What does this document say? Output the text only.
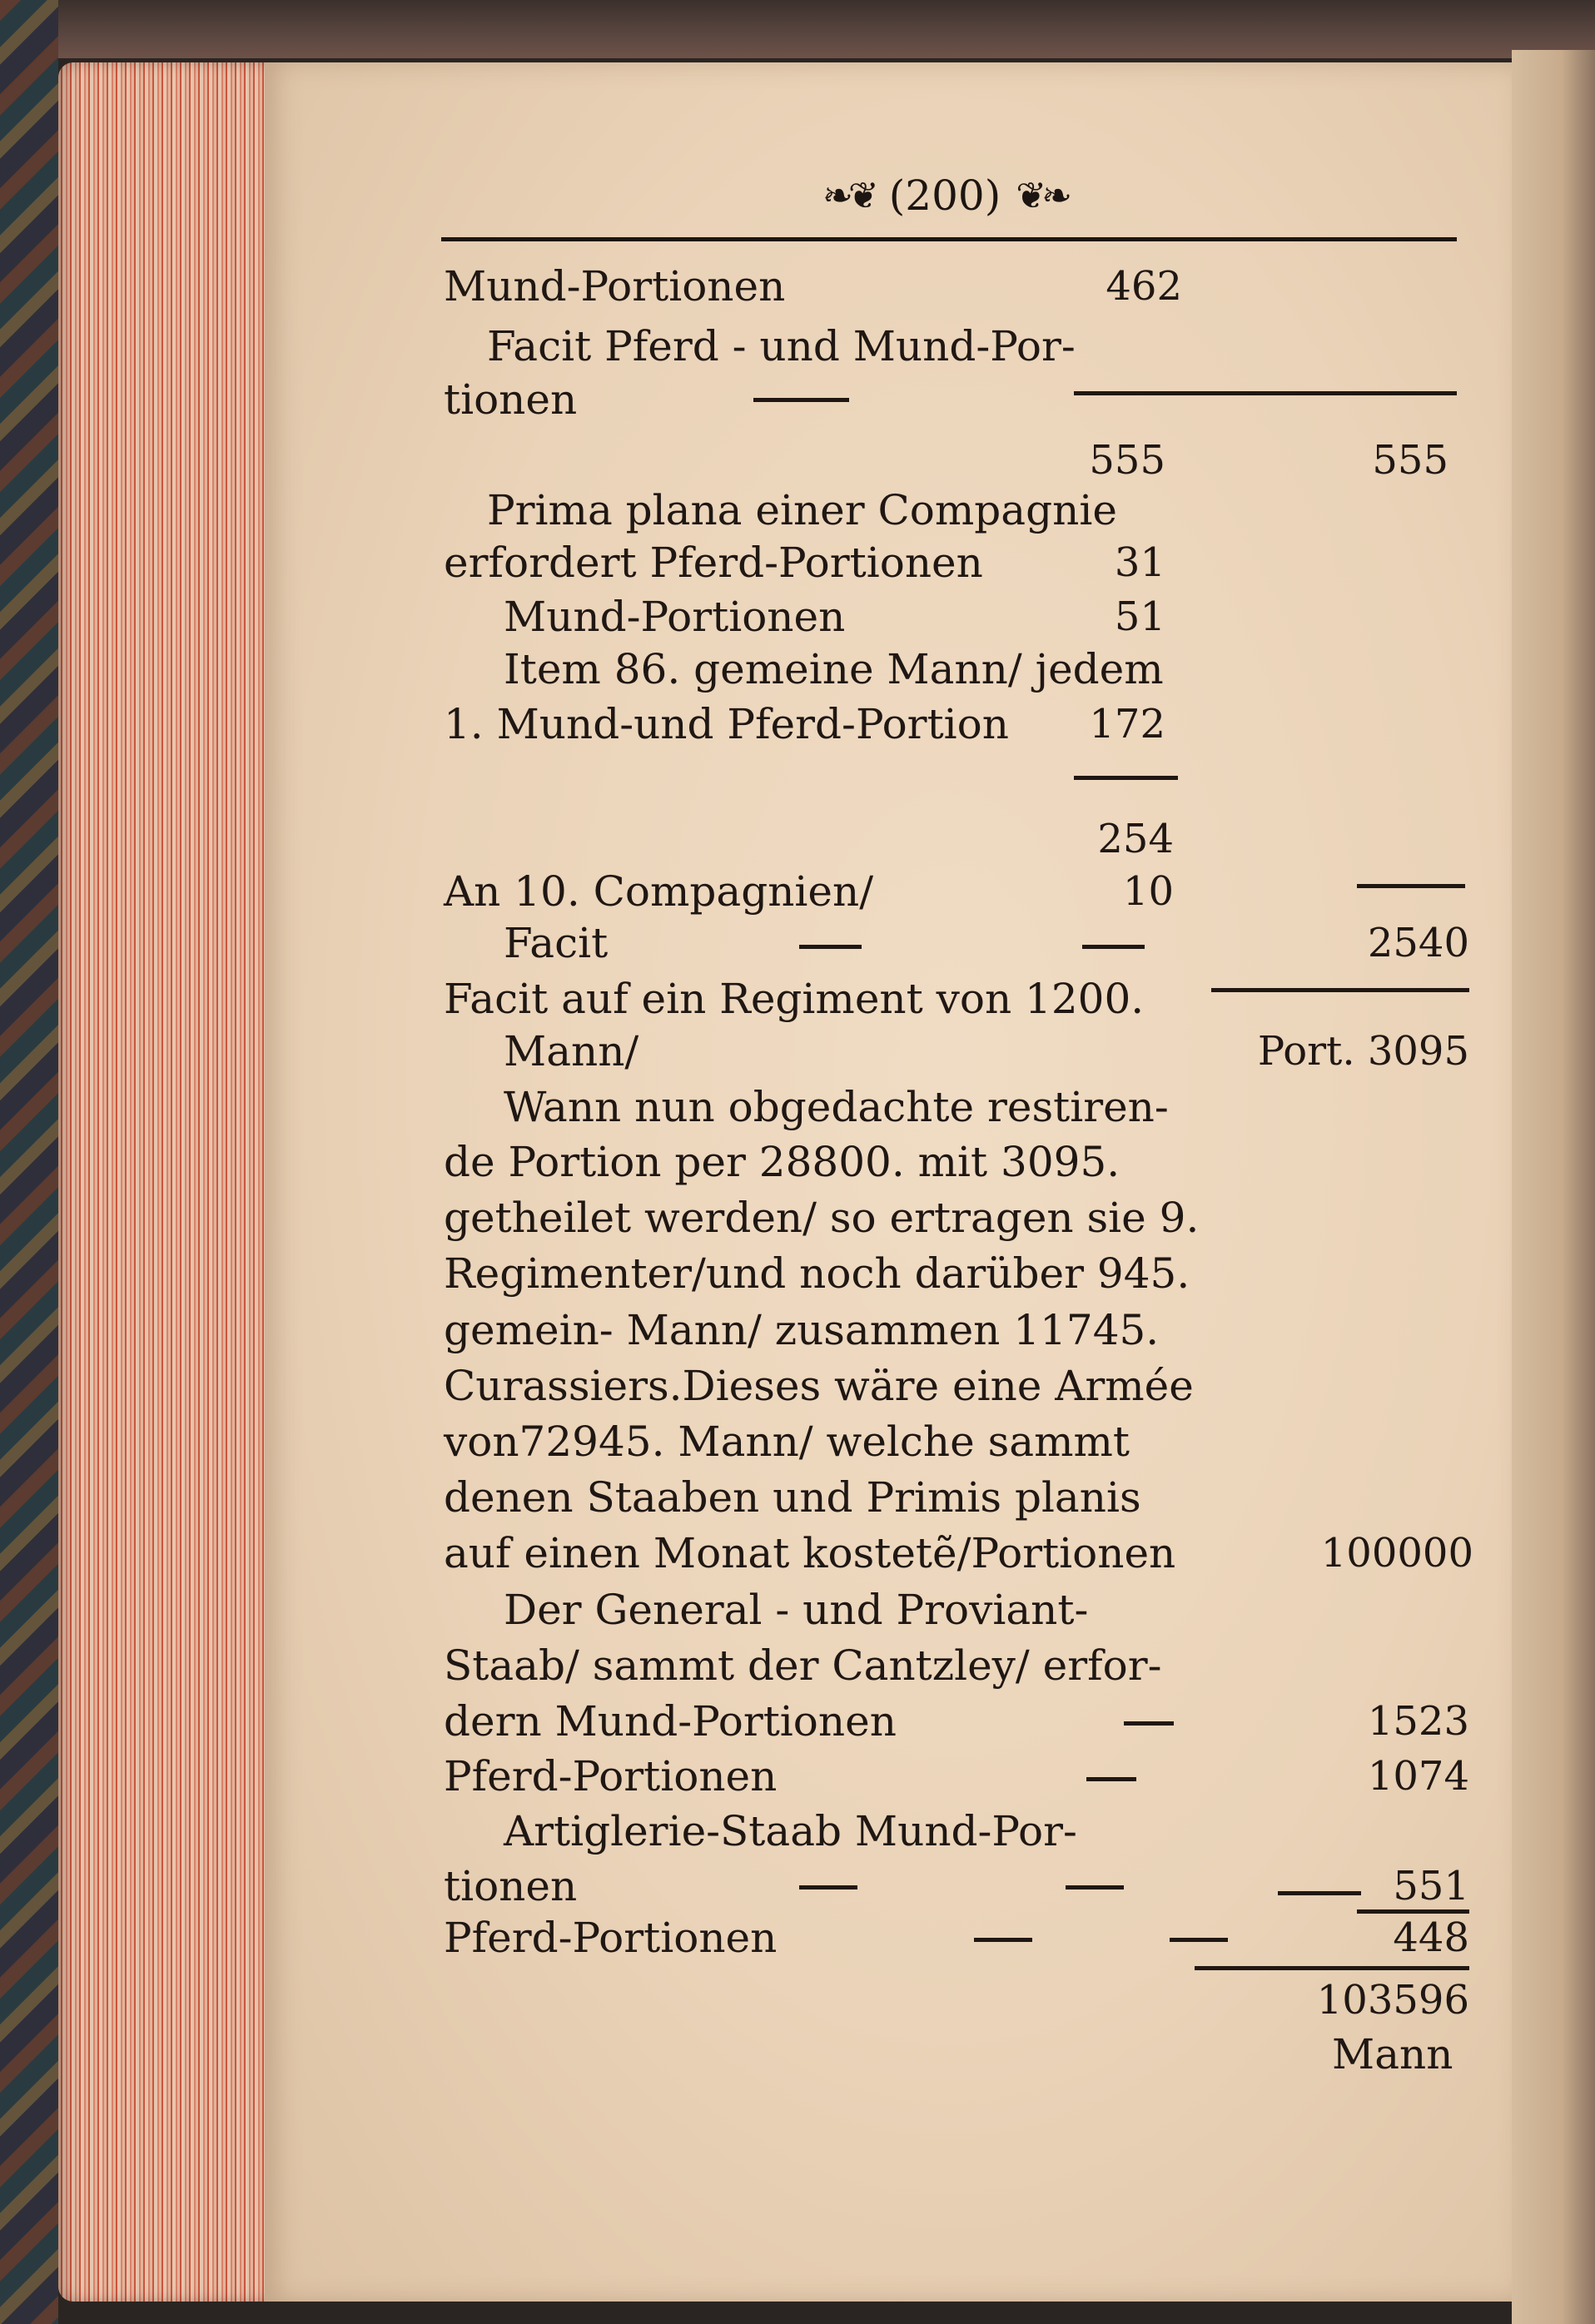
❧❦ (200) ❦❧
Mund-Portionen	462
Facit Pferd - und Mund-Por-
tionen
555	555
Prima plana einer Compagnie
erfordert Pferd-Portionen	31
Mund-Portionen	51
Item 86. gemeine Mann/ jedem
1. Mund-und Pferd-Portion	172
254
An 10. Compagnien/	10
Facit	2540
Facit auf ein Regiment von 1200.
Mann/	Port. 3095
Wann nun obgedachte restiren-
de Portion per 28800. mit 3095.
getheilet werden/ so ertragen sie 9.
Regimenter/und noch darüber 945.
gemein- Mann/ zusammen 11745.
Curassiers.Dieses wäre eine Armée
von72945. Mann/ welche sammt
denen Staaben und Primis planis
auf einen Monat kostetẽ/Portionen	100000
Der General - und Proviant-
Staab/ sammt der Cantzley/ erfor-
dern Mund-Portionen	1523
Pferd-Portionen	1074
Artiglerie-Staab Mund-Por-
tionen	551
Pferd-Portionen	448
103596
Mann
